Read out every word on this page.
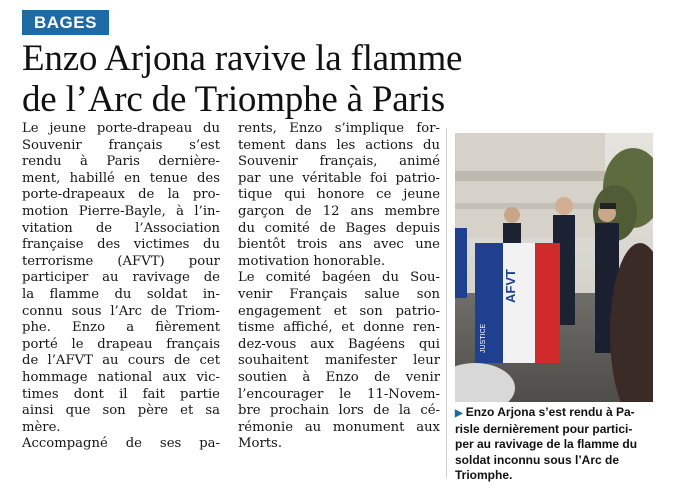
BAGES
Enzo Arjona ravive la flamme
de l’Arc de Triomphe à Paris
Le jeune porte-drapeau du
Souvenir français s’est
rendu à Paris dernière-
ment, habillé en tenue des
porte-drapeaux de la pro-
motion Pierre-Bayle, à l’in-
vitation de l’Association
française des victimes du
terrorisme (AFVT) pour
participer au ravivage de
la flamme du soldat in-
connu sous l’Arc de Triom-
phe. Enzo a fièrement
porté le drapeau français
de l’AFVT au cours de cet
hommage national aux vic-
times dont il fait partie
ainsi que son père et sa
mère.
Accompagné de ses pa-
rents, Enzo s’implique for-
tement dans les actions du
Souvenir français, animé
par une véritable foi patrio-
tique qui honore ce jeune
garçon de 12 ans membre
du comité de Bages depuis
bientôt trois ans avec une
motivation honorable.
Le comité bagéen du Sou-
venir Français salue son
engagement et son patrio-
tisme affiché, et donne ren-
dez-vous aux Bagéens qui
souhaitent manifester leur
soutien à Enzo de venir
l’encourager le 11-Novem-
bre prochain lors de la cé-
rémonie au monument aux
Morts.
AFVT
JUSTICE
▶ Enzo Arjona s’est rendu à Pa-
risle dernièrement pour partici-
per au ravivage de la flamme du
soldat inconnu sous l’Arc de
Triomphe.
